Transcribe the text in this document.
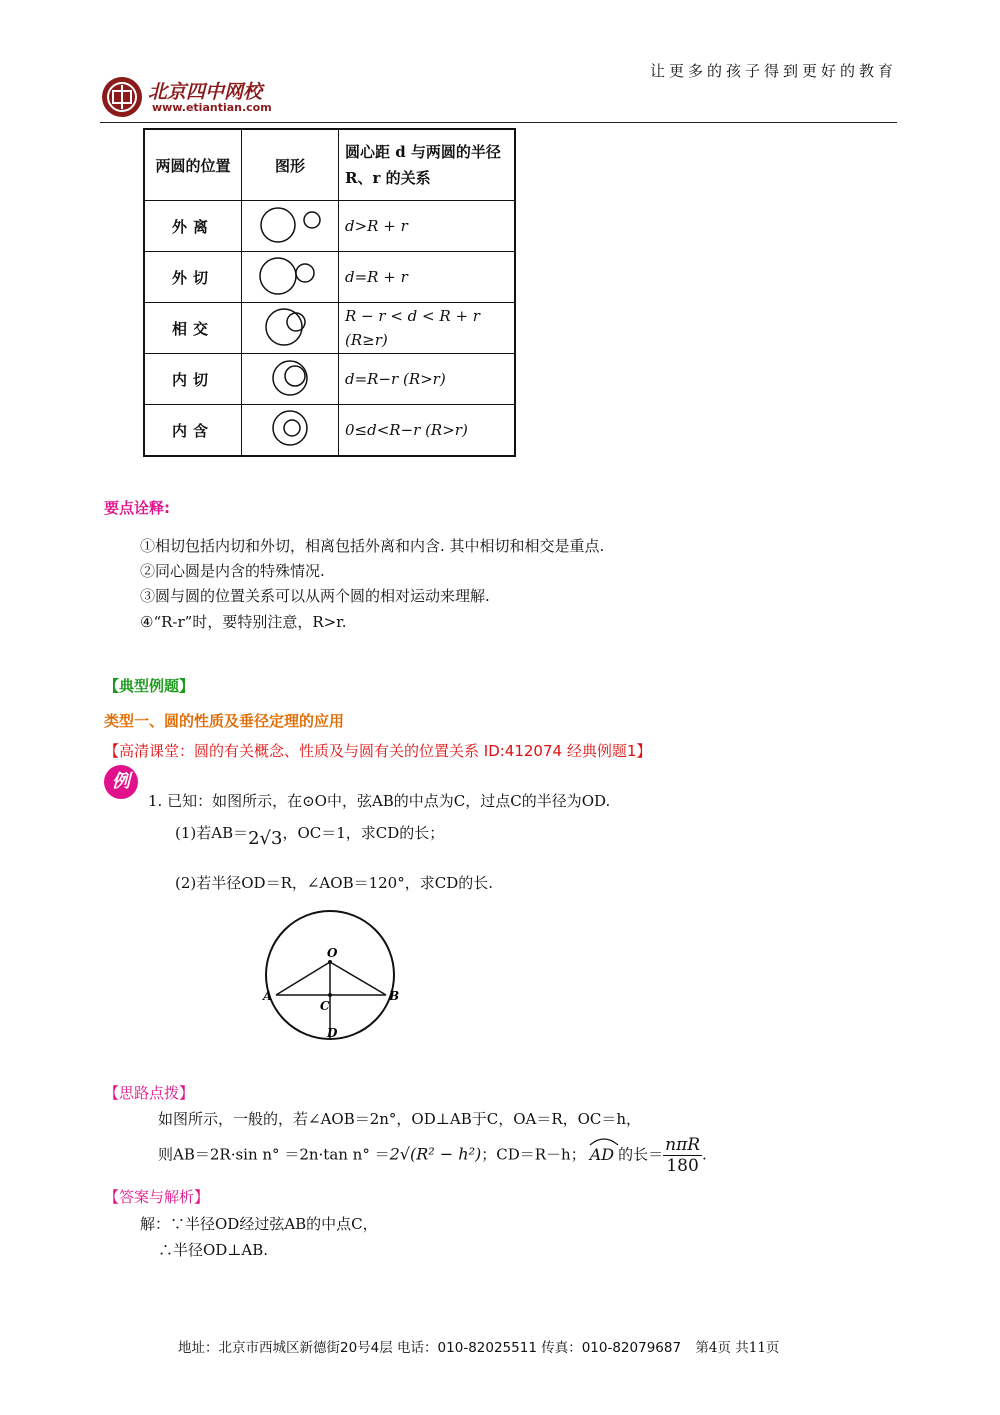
让更多的孩子得到更好的教育
北京四中网校
www.etiantian.com
两圆的位置	图形	圆心距 d 与两圆的半径R、r 的关系
外离		d>R + r
外切		d=R + r
相交		R − r < d < R + r (R≥r)
内切		d=R−r (R>r)
内含		0≤d<R−r (R>r)
要点诠释:
①相切包括内切和外切，相离包括外离和内含. 其中相切和相交是重点.
②同心圆是内含的特殊情况.
③圆与圆的位置关系可以从两个圆的相对运动来理解.
④“R-r”时，要特别注意，R>r.
【典型例题】
类型一、圆的性质及垂径定理的应用
【高清课堂：圆的有关概念、性质及与圆有关的位置关系 ID:412074 经典例题1】
例
1. 已知：如图所示，在⊙O中，弦AB的中点为C，过点C的半径为OD.
(1)若AB＝2√3，OC＝1，求CD的长；
(2)若半径OD＝R，∠AOB＝120°，求CD的长.
O
A	B
C
D
【思路点拨】
如图所示，一般的，若∠AOB＝2n°，OD⊥AB于C，OA＝R，OC＝h，
则AB＝2R·sin n° ＝2n·tan n° ＝2√(R² − h²)；CD＝R－h； AD 的长＝ $\frac{\text{nπR}}{180}$ .
【答案与解析】
解：∵半径OD经过弦AB的中点C，
∴半径OD⊥AB.
地址：北京市西城区新德街20号4层 电话：010-82025511 传真：010-82079687 第4页 共11页
